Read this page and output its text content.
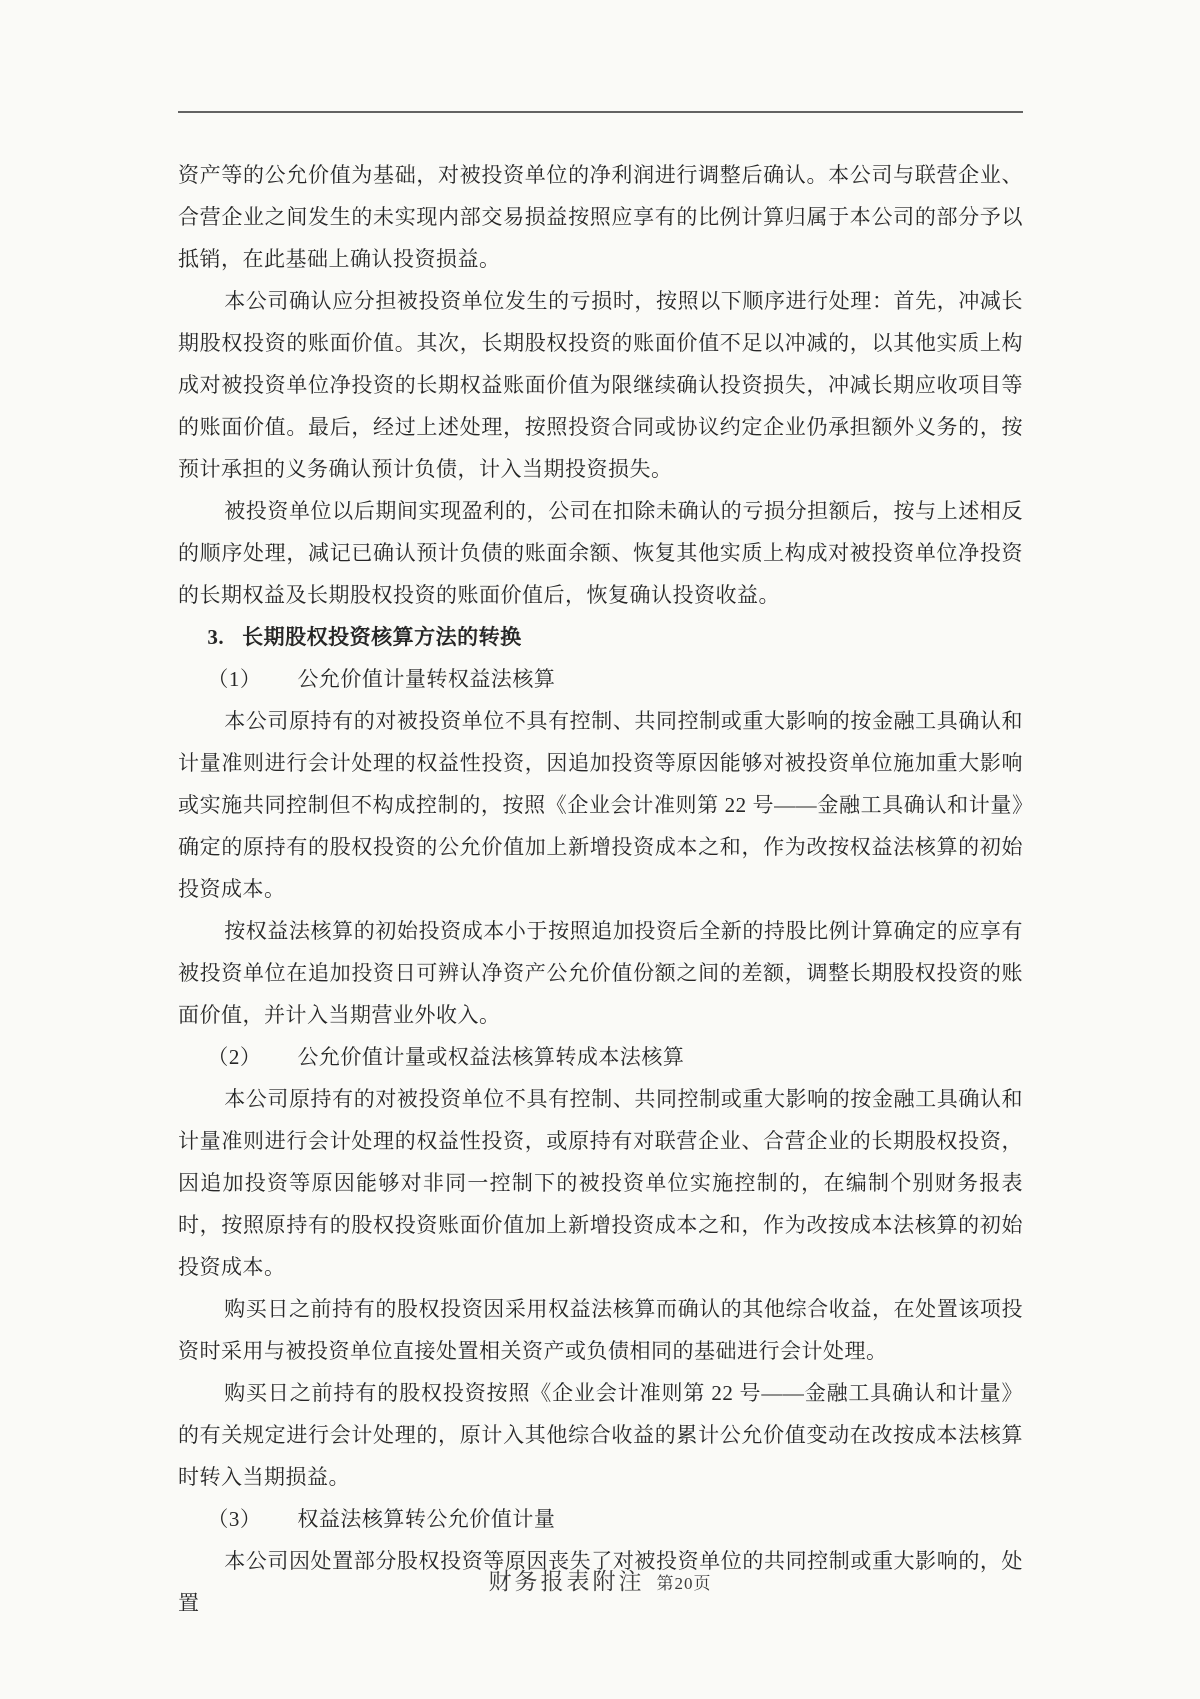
资产等的公允价值为基础，对被投资单位的净利润进行调整后确认。本公司与联营企业、合营企业之间发生的未实现内部交易损益按照应享有的比例计算归属于本公司的部分予以抵销，在此基础上确认投资损益。

本公司确认应分担被投资单位发生的亏损时，按照以下顺序进行处理：首先，冲减长期股权投资的账面价值。其次，长期股权投资的账面价值不足以冲减的，以其他实质上构成对被投资单位净投资的长期权益账面价值为限继续确认投资损失，冲减长期应收项目等的账面价值。最后，经过上述处理，按照投资合同或协议约定企业仍承担额外义务的，按预计承担的义务确认预计负债，计入当期投资损失。

被投资单位以后期间实现盈利的，公司在扣除未确认的亏损分担额后，按与上述相反的顺序处理，减记已确认预计负债的账面余额、恢复其他实质上构成对被投资单位净投资的长期权益及长期股权投资的账面价值后，恢复确认投资收益。

3. 长期股权投资核算方法的转换

（1） 公允价值计量转权益法核算

本公司原持有的对被投资单位不具有控制、共同控制或重大影响的按金融工具确认和计量准则进行会计处理的权益性投资，因追加投资等原因能够对被投资单位施加重大影响或实施共同控制但不构成控制的，按照《企业会计准则第 22 号——金融工具确认和计量》确定的原持有的股权投资的公允价值加上新增投资成本之和，作为改按权益法核算的初始投资成本。

按权益法核算的初始投资成本小于按照追加投资后全新的持股比例计算确定的应享有被投资单位在追加投资日可辨认净资产公允价值份额之间的差额，调整长期股权投资的账面价值，并计入当期营业外收入。

（2） 公允价值计量或权益法核算转成本法核算

本公司原持有的对被投资单位不具有控制、共同控制或重大影响的按金融工具确认和计量准则进行会计处理的权益性投资，或原持有对联营企业、合营企业的长期股权投资，因追加投资等原因能够对非同一控制下的被投资单位实施控制的，在编制个别财务报表时，按照原持有的股权投资账面价值加上新增投资成本之和，作为改按成本法核算的初始投资成本。

购买日之前持有的股权投资因采用权益法核算而确认的其他综合收益，在处置该项投资时采用与被投资单位直接处置相关资产或负债相同的基础进行会计处理。

购买日之前持有的股权投资按照《企业会计准则第 22 号——金融工具确认和计量》的有关规定进行会计处理的，原计入其他综合收益的累计公允价值变动在改按成本法核算时转入当期损益。

（3） 权益法核算转公允价值计量

本公司因处置部分股权投资等原因丧失了对被投资单位的共同控制或重大影响的，处置

财务报表附注 第20页
